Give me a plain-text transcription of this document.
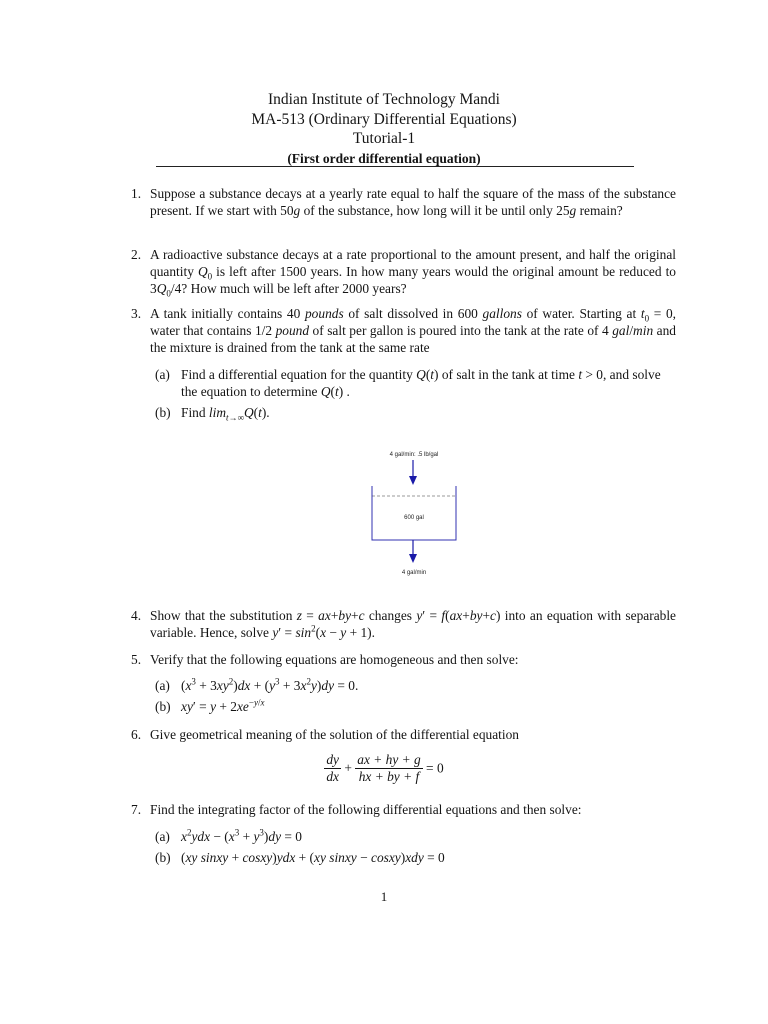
Indian Institute of Technology Mandi
MA-513 (Ordinary Differential Equations)
Tutorial-1
(First order differential equation)
1. Suppose a substance decays at a yearly rate equal to half the square of the mass of the substance present. If we start with 50g of the substance, how long will it be until only 25g remain?
2. A radioactive substance decays at a rate proportional to the amount present, and half the original quantity $Q_0$ is left after 1500 years. In how many years would the original amount be reduced to $3Q_0/4$? How much will be left after 2000 years?
3. A tank initially contains 40 pounds of salt dissolved in 600 gallons of water. Starting at $t_0 = 0$, water that contains 1/2 pound of salt per gallon is poured into the tank at the rate of 4 gal/min and the mixture is drained from the tank at the same rate
(a) Find a differential equation for the quantity Q(t) of salt in the tank at time t > 0, and solve the equation to determine Q(t) .
(b) Find $\lim_{t\to\infty}Q(t)$.
4 gal/min: .5 lb/gal
600 gal
4 gal/min
4. Show that the substitution z = ax+by+c changes y′ = f(ax+by+c) into an equation with separable variable. Hence, solve $y' = \sin^2(x - y + 1)$.
5. Verify that the following equations are homogeneous and then solve:
(a) $(x^3 + 3xy^2)dx + (y^3 + 3x^2y)dy = 0$.
(b) $xy' = y + 2xe^{-y/x}$
6. Give geometrical meaning of the solution of the differential equation
$\frac{dy}{dx} + \frac{ax + hy + g}{hx + by + f} = 0$
7. Find the integrating factor of the following differential equations and then solve:
(a) $x^2ydx - (x^3 + y^3)dy = 0$
(b) (xy sinxy + cosxy)ydx + (xy sinxy − cosxy)xdy = 0
1
